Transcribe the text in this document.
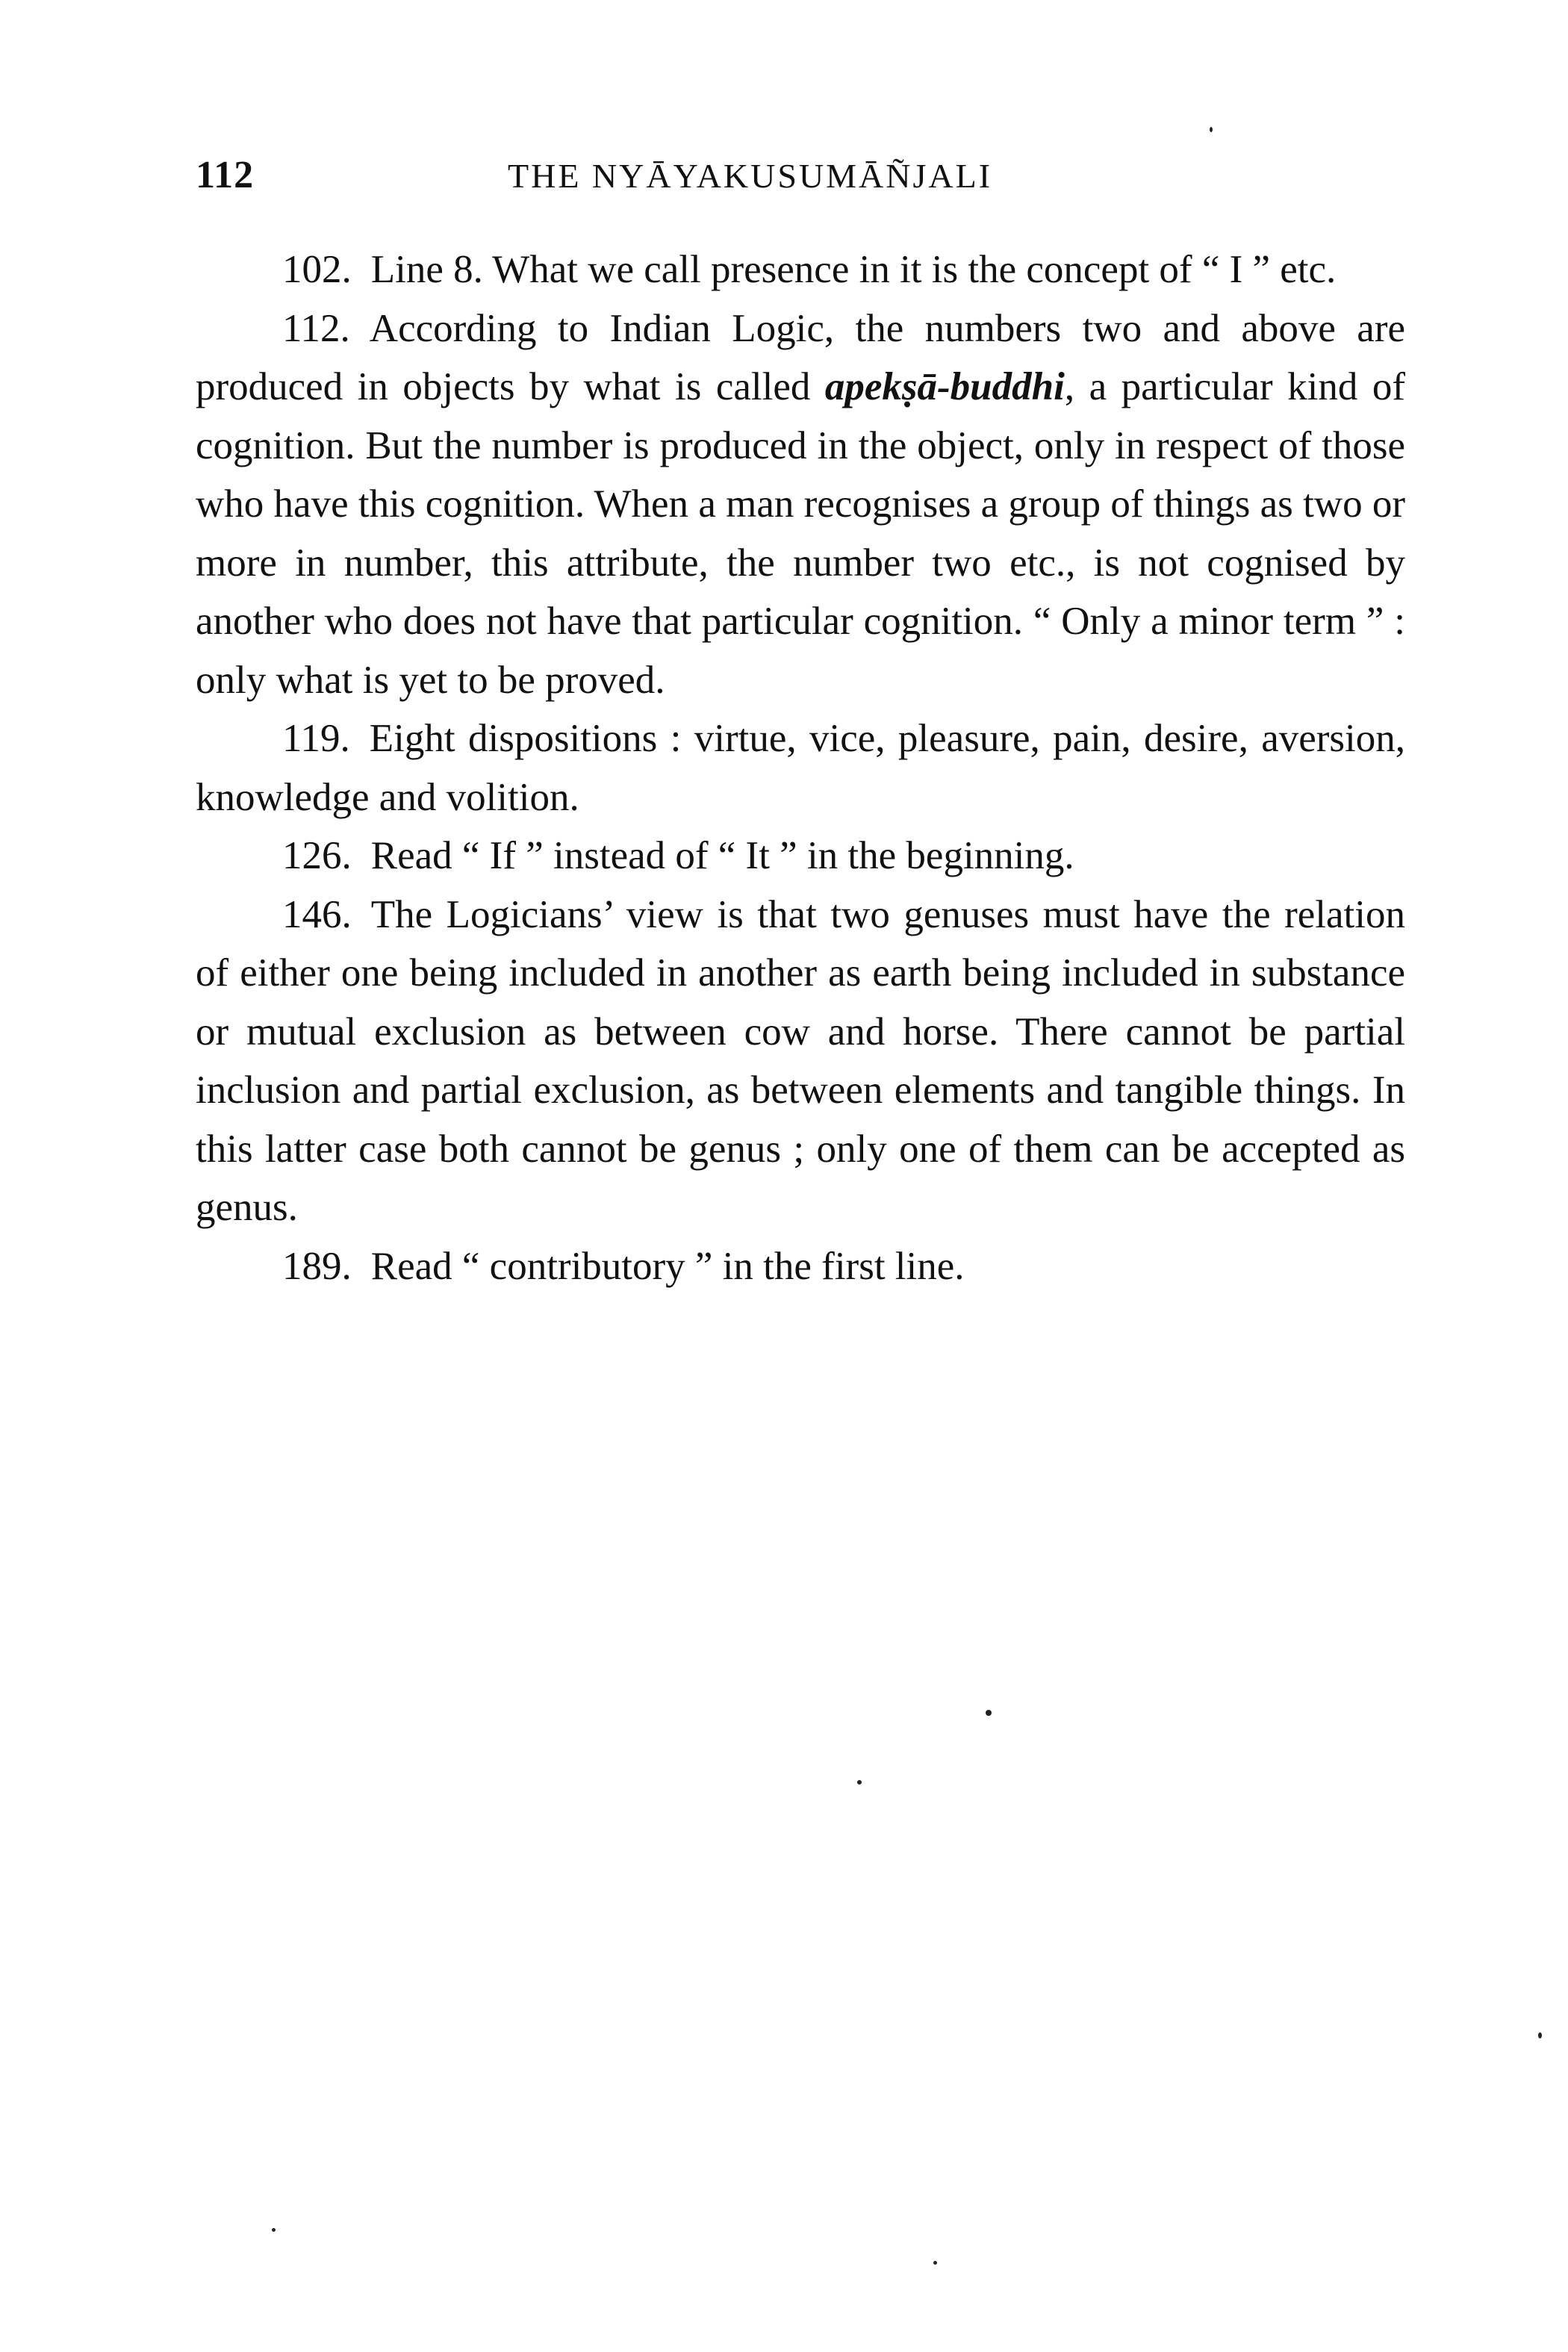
112	THE NYĀYAKUSUMĀÑJALI

102. Line 8. What we call presence in it is the concept of “ I ” etc.

112. According to Indian Logic, the numbers two and above are produced in objects by what is called apekṣā-buddhi, a particular kind of cognition. But the number is produced in the object, only in respect of those who have this cognition. When a man recognises a group of things as two or more in number, this attribute, the number two etc., is not cognised by another who does not have that particular cognition. “ Only a minor term ” : only what is yet to be proved.

119. Eight dispositions : virtue, vice, pleasure, pain, desire, aversion, knowledge and volition.

126. Read “ If ” instead of “ It ” in the beginning.

146. The Logicians’ view is that two genuses must have the relation of either one being included in another as earth being included in substance or mutual exclusion as between cow and horse. There cannot be partial inclusion and partial exclusion, as between elements and tangible things. In this latter case both cannot be genus ; only one of them can be accepted as genus.

189. Read “ contributory ” in the first line.
